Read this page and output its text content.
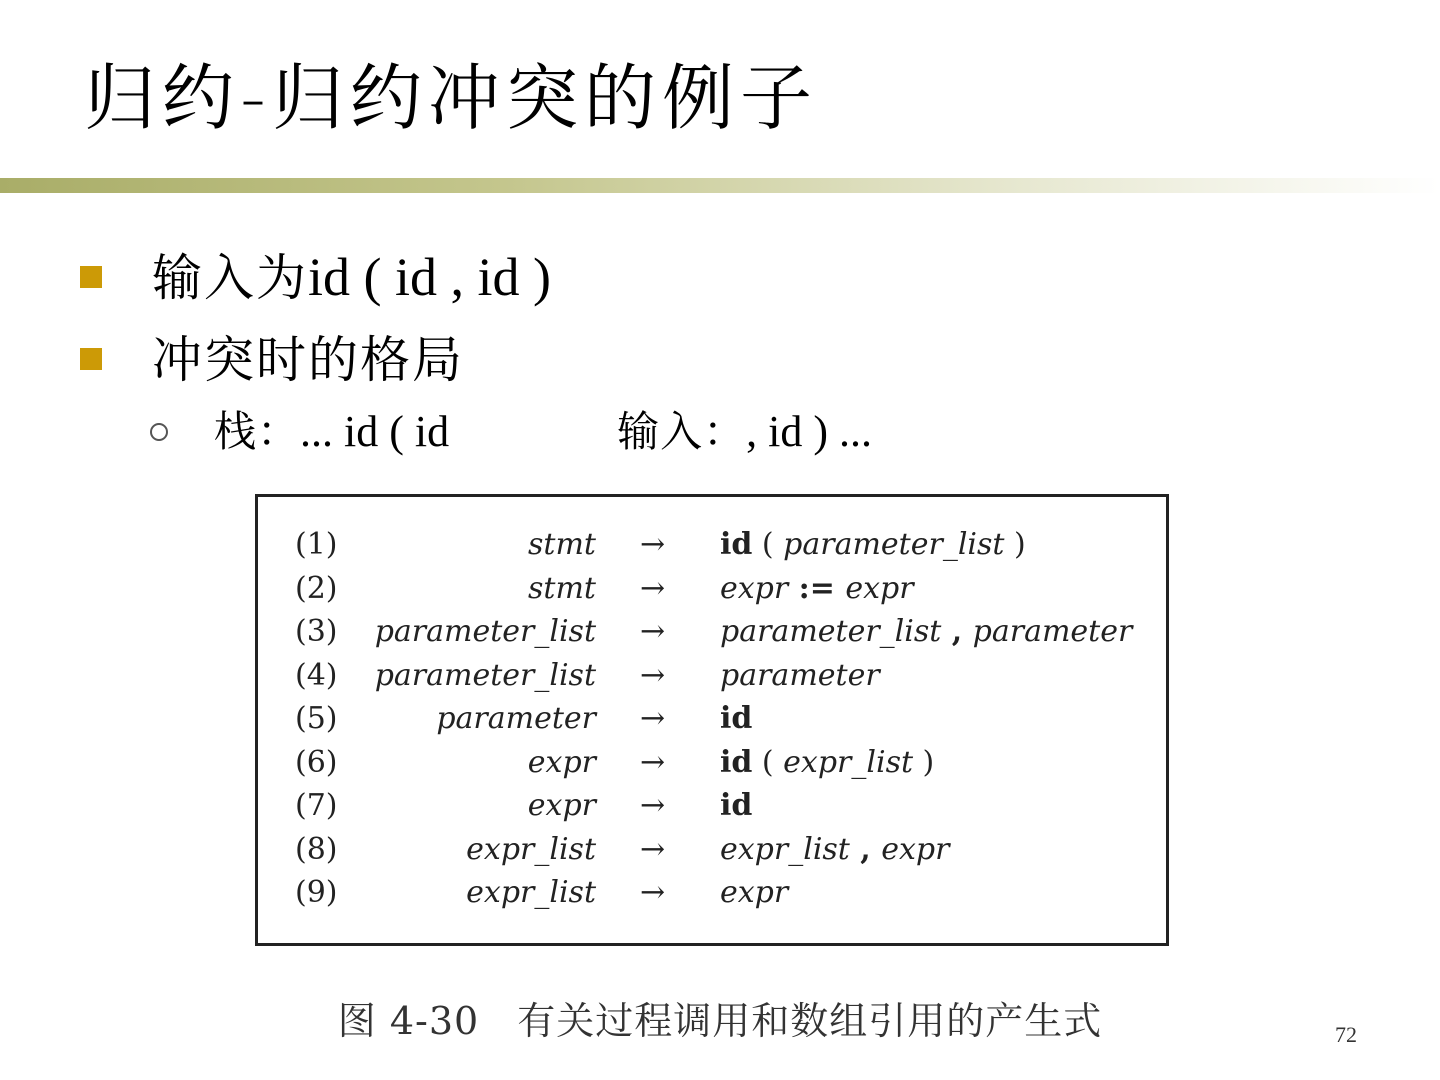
归约-归约冲突的例子
输入为id ( id , id )
冲突时的格局
栈：... id ( id	输入：, id ) ...
(1)	stmt → id ( parameter_list )
(2)	stmt → expr := expr
(3) parameter_list → parameter_list , parameter
(4) parameter_list → parameter
(5)	parameter → id
(6)	expr → id ( expr_list )
(7)	expr → id
(8)	expr_list → expr_list , expr
(9)	expr_list → expr
图 4-30 有关过程调用和数组引用的产生式	72
